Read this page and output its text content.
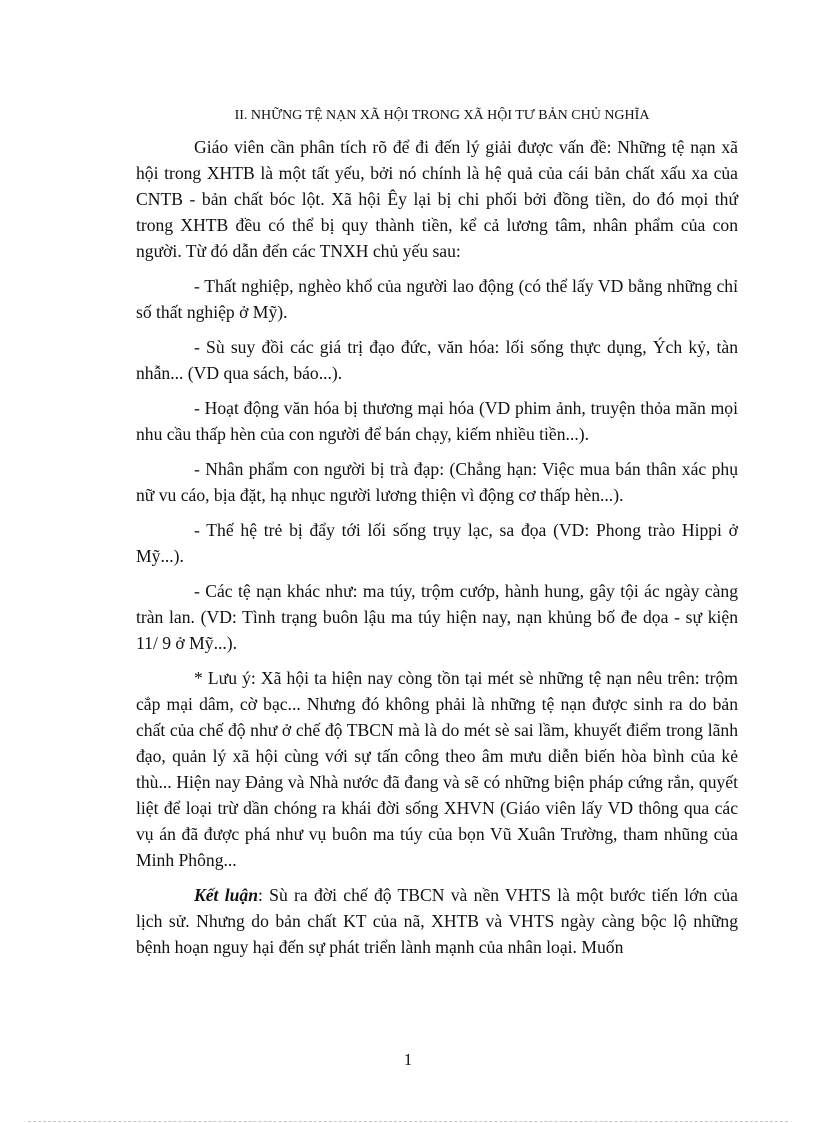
II. NHỮNG TỆ NẠN XÃ HỘI TRONG XÃ HỘI TƯ BẢN CHỦ NGHĨA

Giáo viên cần phân tích rõ để đi đến lý giải được vấn đề: Những tệ nạn xã hội trong XHTB là một tất yếu, bởi nó chính là hệ quả của cái bản chất xấu xa của CNTB - bản chất bóc lột. Xã hội Êy lại bị chi phối bởi đồng tiền, do đó mọi thứ trong XHTB đều có thể bị quy thành tiền, kể cả lương tâm, nhân phẩm của con người. Từ đó dẫn đến các TNXH chủ yếu sau:

- Thất nghiệp, nghèo khổ của người lao động (có thể lấy VD bằng những chỉ số thất nghiệp ở Mỹ).

- Sù suy đồi các giá trị đạo đức, văn hóa: lối sống thực dụng, Ých kỷ, tàn nhẫn... (VD qua sách, báo...).

- Hoạt động văn hóa bị thương mại hóa (VD phim ảnh, truyện thỏa mãn mọi nhu cầu thấp hèn của con người để bán chạy, kiếm nhiều tiền...).

- Nhân phẩm con người bị trà đạp: (Chẳng hạn: Việc mua bán thân xác phụ nữ vu cáo, bịa đặt, hạ nhục người lương thiện vì động cơ thấp hèn...).

- Thế hệ trẻ bị đẩy tới lối sống trụy lạc, sa đọa (VD: Phong trào Hippi ở Mỹ...).

- Các tệ nạn khác như: ma túy, trộm cướp, hành hung, gây tội ác ngày càng tràn lan. (VD: Tình trạng buôn lậu ma túy hiện nay, nạn khủng bố đe dọa - sự kiện 11/ 9 ở Mỹ...).

* Lưu ý: Xã hội ta hiện nay còng tồn tại mét sè những tệ nạn nêu trên: trộm cắp mại dâm, cờ bạc... Nhưng đó không phải là những tệ nạn được sinh ra do bản chất của chế độ như ở chế độ TBCN mà là do mét sè sai lầm, khuyết điểm trong lãnh đạo, quản lý xã hội cùng với sự tấn công theo âm mưu diễn biến hòa bình của kẻ thù... Hiện nay Đảng và Nhà nước đã đang và sẽ có những biện pháp cứng rắn, quyết liệt để loại trừ dần chóng ra khái đời sống XHVN (Giáo viên lấy VD thông qua các vụ án đã được phá như vụ buôn ma túy của bọn Vũ Xuân Trường, tham nhũng của Minh Phông...

Kết luận: Sù ra đời chế độ TBCN và nền VHTS là một bước tiến lớn của lịch sử. Nhưng do bản chất KT của nã, XHTB và VHTS ngày càng bộc lộ những bệnh hoạn nguy hại đến sự phát triển lành mạnh của nhân loại. Muốn

1
